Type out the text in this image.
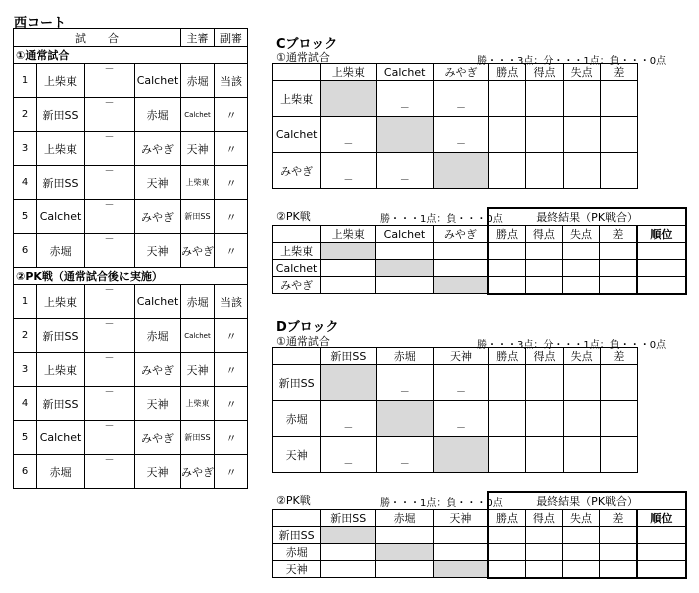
西コート
試　　合				主審	副審
①通常試合					
1	上柴東	－	Calchet	赤堀	当該
2	新田SS	－	赤堀	Calchet	〃
3	上柴東	－	みやぎ	天神	〃
4	新田SS	－	天神	上柴東	〃
5	Calchet	－	みやぎ	新田SS	〃
6	赤堀	－	天神	みやぎ	〃
②PK戦（通常試合後に実施）					
1	上柴東	－	Calchet	赤堀	当該
2	新田SS	－	赤堀	Calchet	〃
3	上柴東	－	みやぎ	天神	〃
4	新田SS	－	天神	上柴東	〃
5	Calchet	－	みやぎ	新田SS	〃
6	赤堀	－	天神	みやぎ	〃
Cブロック
①通常試合	勝・・・3点：分・・・1点：負・・・0点
	上柴東	Calchet	みやぎ	勝点	得点	失点	差
上柴東		－	－				

Calchet	－		－				

みやぎ	－	－					

②PK戦	勝・・・1点：負・・・0点
				最終結果（PK戦合）				
	上柴東	Calchet	みやぎ	勝点	得点	失点	差	順位
上柴東								
Calchet								
みやぎ								
Dブロック
①通常試合	勝・・・3点：分・・・1点：負・・・0点
	新田SS	赤堀	天神	勝点	得点	失点	差
新田SS		－	－				

赤堀	－		－				

天神	－	－					

②PK戦	勝・・・1点：負・・・0点
				最終結果（PK戦合）				
	新田SS	赤堀	天神	勝点	得点	失点	差	順位
新田SS								
赤堀								
天神								
